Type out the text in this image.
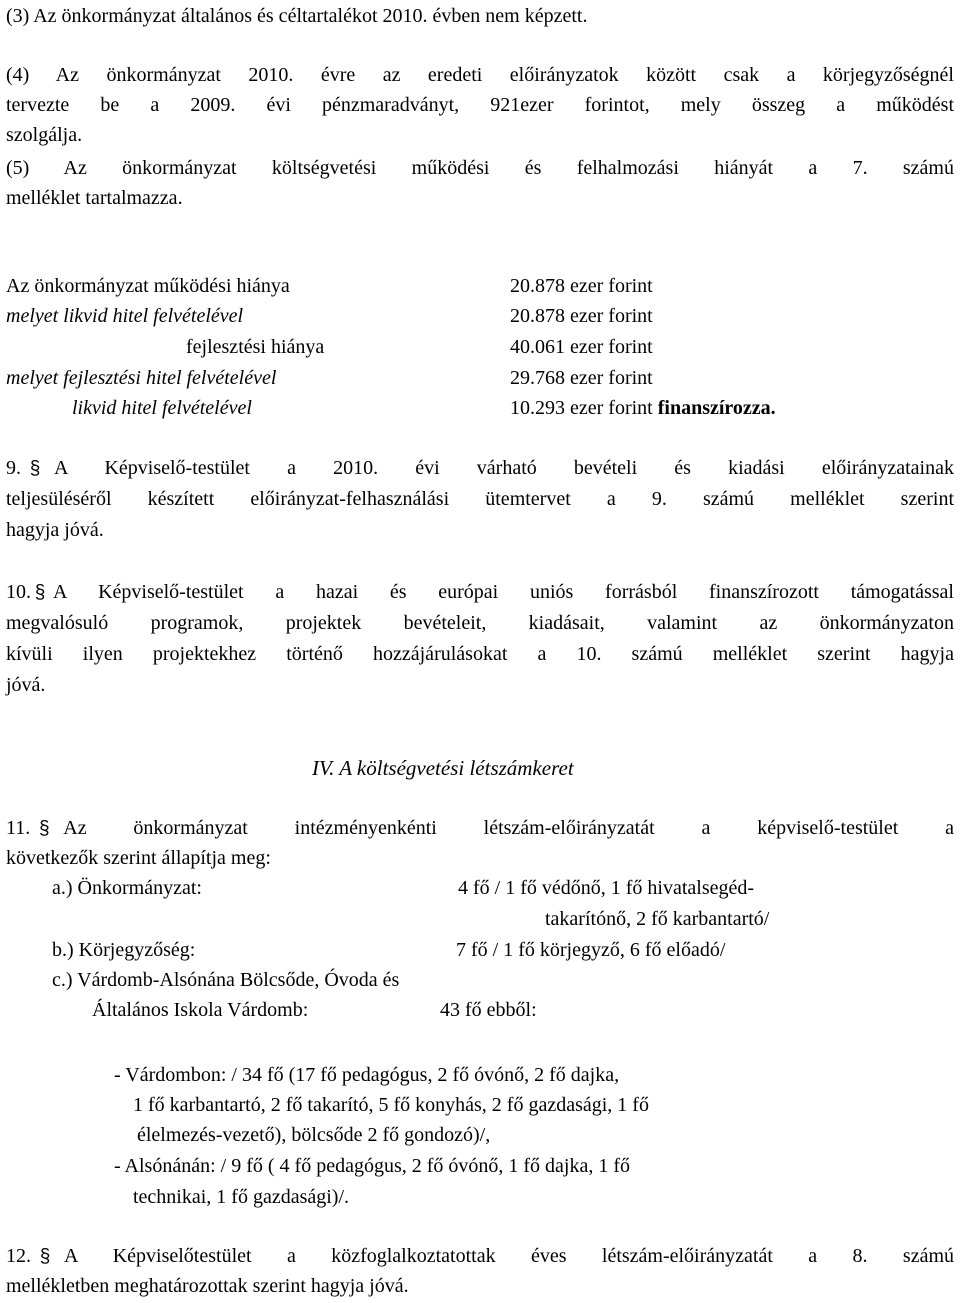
(3) Az önkormányzat általános és céltartalékot 2010. évben nem képzett.
(4) Az önkormányzat 2010. évre az eredeti előirányzatok között csak a körjegyzőségnél
tervezte be a 2009. évi pénzmaradványt, 921ezer forintot, mely összeg a működést
szolgálja.
(5) Az önkormányzat költségvetési működési és felhalmozási hiányát a 7. számú
melléklet tartalmazza.
Az önkormányzat működési hiánya	20.878 ezer forint
melyet likvid hitel felvételével	20.878 ezer forint
fejlesztési hiánya	40.061 ezer forint
melyet fejlesztési hitel felvételével	29.768 ezer forint
likvid hitel felvételével	10.293 ezer forint finanszírozza.
9. § A Képviselő-testület a 2010. évi várható bevételi és kiadási előirányzatainak
teljesüléséről készített előirányzat-felhasználási ütemtervet a 9. számú melléklet szerint
hagyja jóvá.
10. § A Képviselő-testület a hazai és európai uniós forrásból finanszírozott támogatással
megvalósuló programok, projektek bevételeit, kiadásait, valamint az önkormányzaton
kívüli ilyen projektekhez történő hozzájárulásokat a 10. számú melléklet szerint hagyja
jóvá.
IV. A költségvetési létszámkeret
11. § Az önkormányzat intézményenkénti létszám-előirányzatát a képviselő-testület a
következők szerint állapítja meg:
a.) Önkormányzat:	4 fő / 1 fő védőnő, 1 fő hivatalsegéd-
takarítónő, 2 fő karbantartó/
b.) Körjegyzőség:	7 fő / 1 fő körjegyző, 6 fő előadó/
c.) Várdomb-Alsónána Bölcsőde, Óvoda és
Általános Iskola Várdomb:	43 fő ebből:
- Várdombon: / 34 fő (17 fő pedagógus, 2 fő óvónő, 2 fő dajka,
1 fő karbantartó, 2 fő takarító, 5 fő konyhás, 2 fő gazdasági, 1 fő
élelmezés-vezető), bölcsőde 2 fő gondozó)/,
- Alsónánán: / 9 fő ( 4 fő pedagógus, 2 fő óvónő, 1 fő dajka, 1 fő
technikai, 1 fő gazdasági)/.
12. § A Képviselőtestület a közfoglalkoztatottak éves létszám-előirányzatát a 8. számú
mellékletben meghatározottak szerint hagyja jóvá.
